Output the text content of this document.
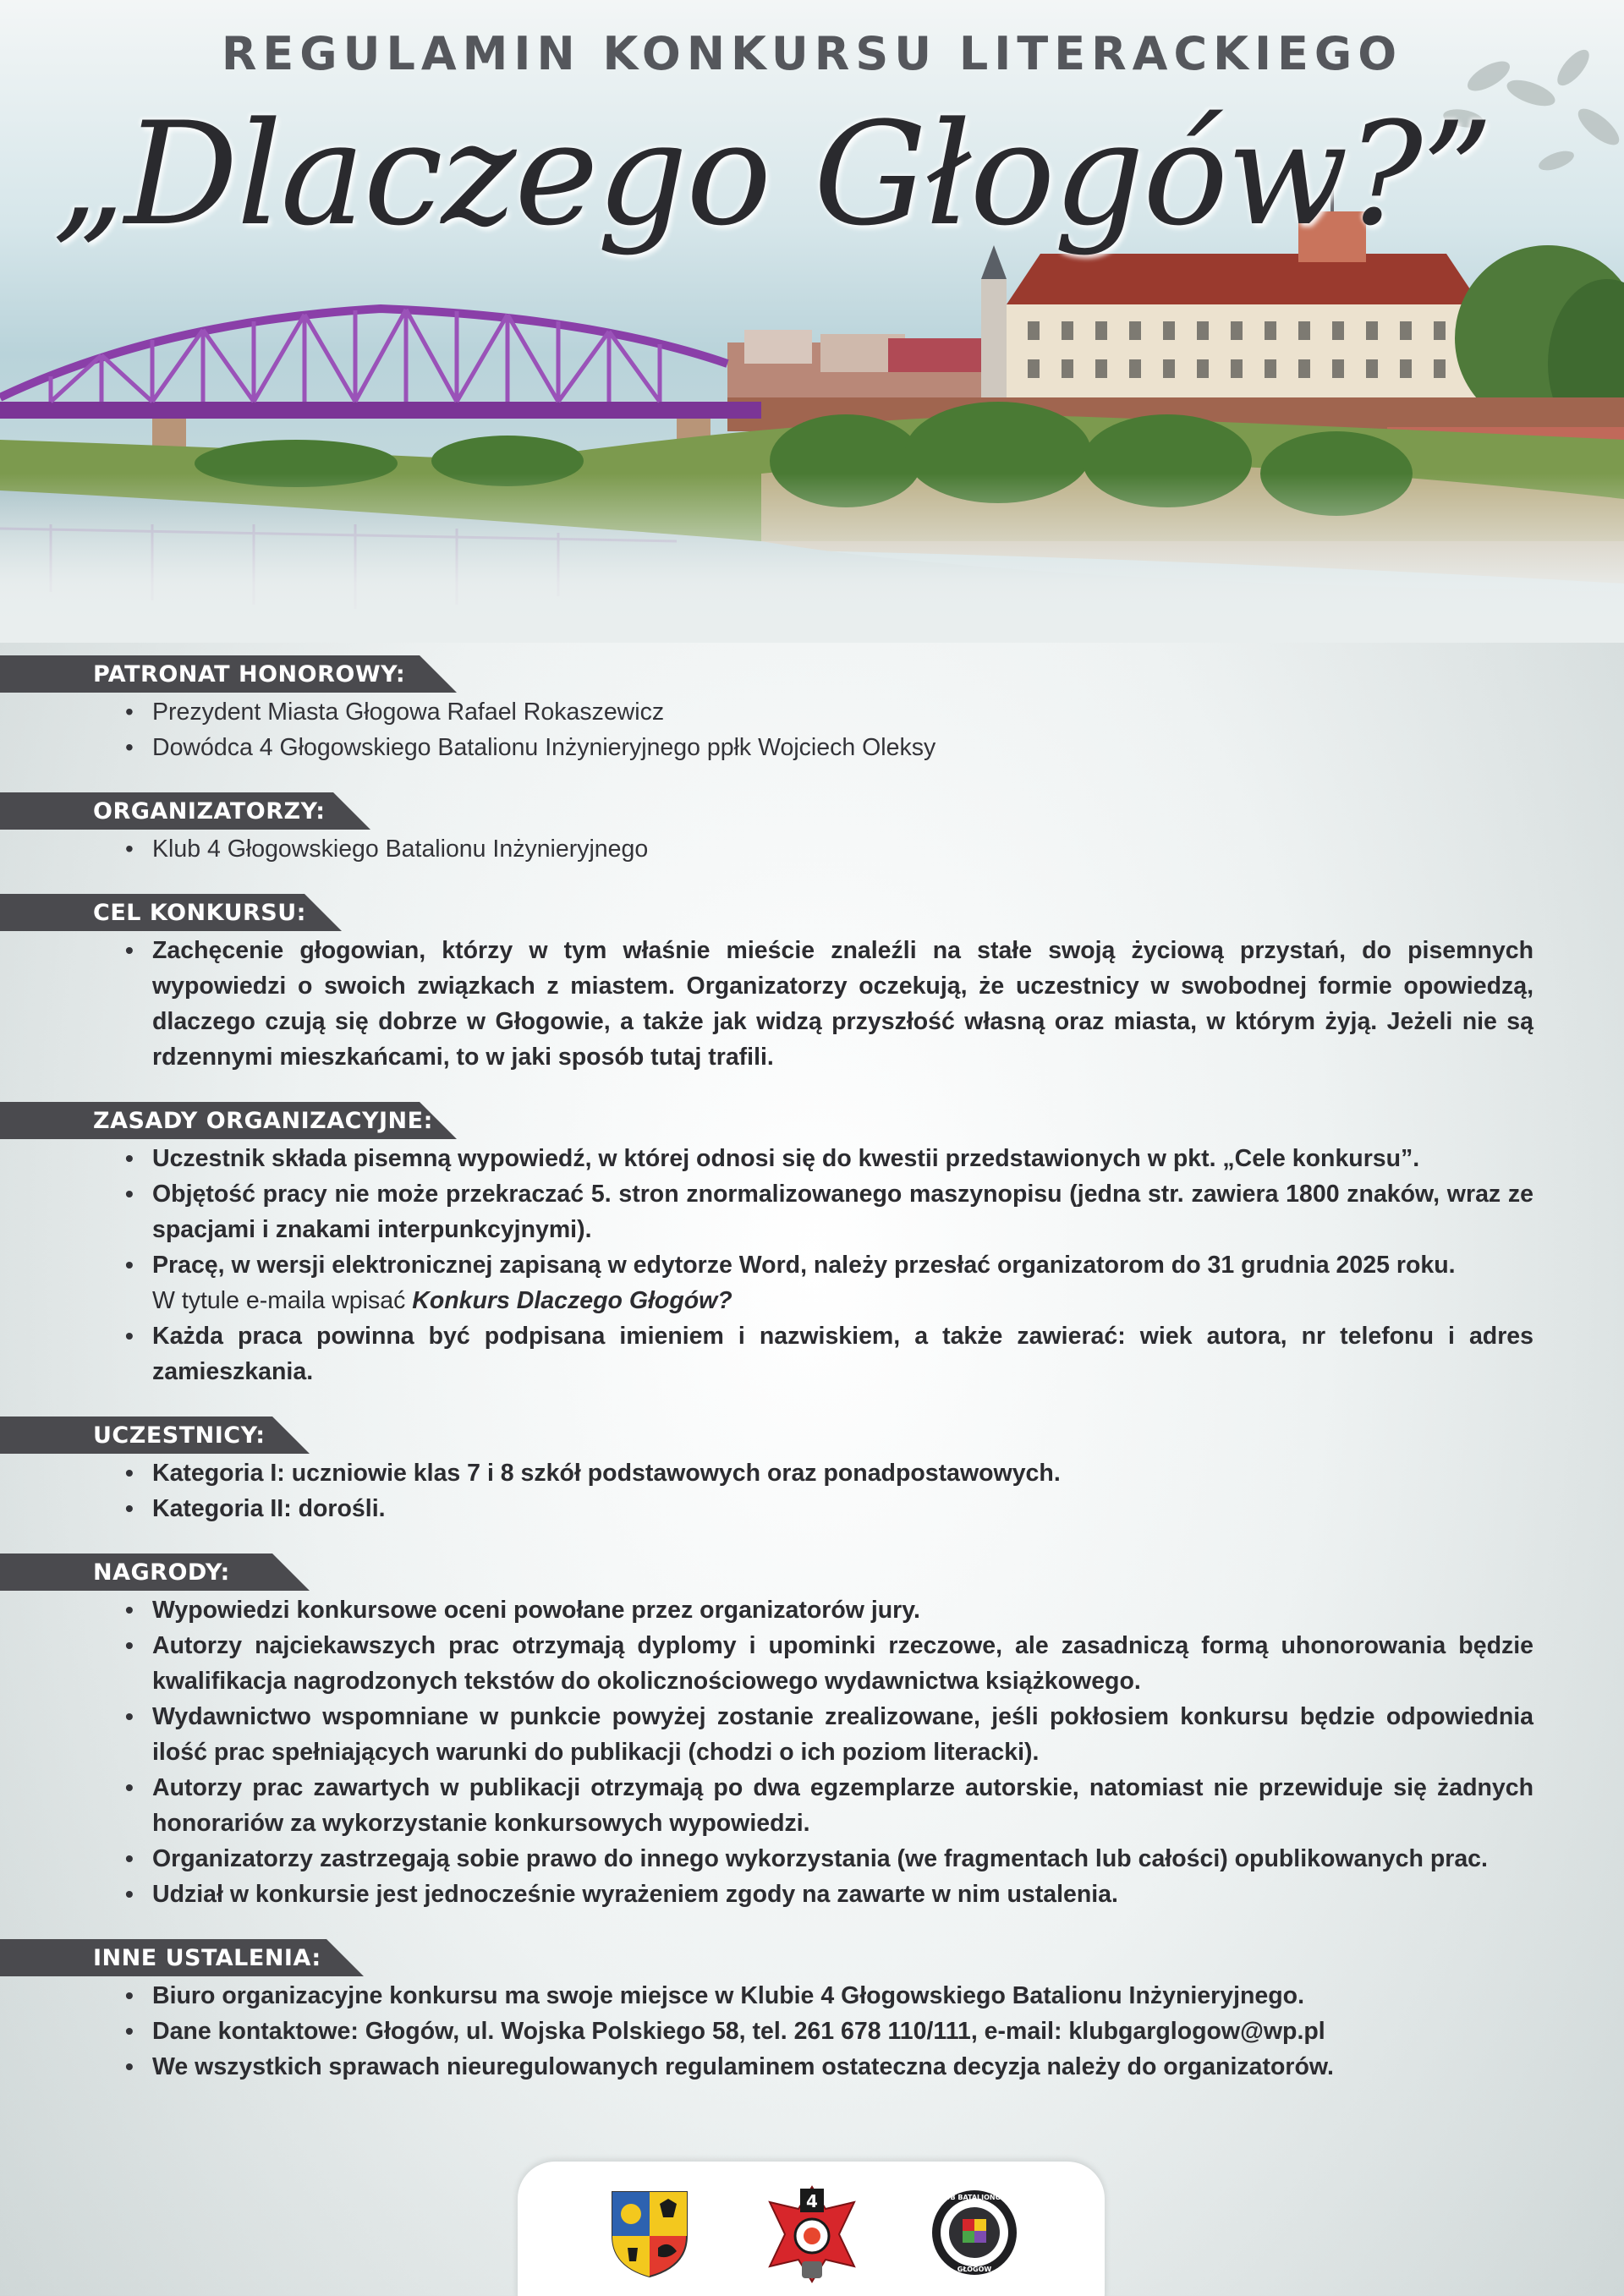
REGULAMIN KONKURSU LITERACKIEGO
„Dlaczego Głogów?”
PATRONAT HONOROWY:
• Prezydent Miasta Głogowa Rafael Rokaszewicz
• Dowódca 4 Głogowskiego Batalionu Inżynieryjnego ppłk Wojciech Oleksy
ORGANIZATORZY:
• Klub 4 Głogowskiego Batalionu Inżynieryjnego
CEL KONKURSU:
• Zachęcenie głogowian, którzy w tym właśnie mieście znaleźli na stałe swoją życiową przystań, do pisemnych wypowiedzi o swoich związkach z miastem. Organizatorzy oczekują, że uczestnicy w swobodnej formie opowiedzą, dlaczego czują się dobrze w Głogowie, a także jak widzą przyszłość własną oraz miasta, w którym żyją. Jeżeli nie są rdzennymi mieszkańcami, to w jaki sposób tutaj trafili.
ZASADY ORGANIZACYJNE:
• Uczestnik składa pisemną wypowiedź, w której odnosi się do kwestii przedstawionych w pkt. „Cele konkursu”.
• Objętość pracy nie może przekraczać 5. stron znormalizowanego maszynopisu (jedna str. zawiera 1800 znaków, wraz ze spacjami i znakami interpunkcyjnymi).
• Pracę, w wersji elektronicznej zapisaną w edytorze Word, należy przesłać organizatorom do 31 grudnia 2025 roku.
W tytule e-maila wpisać Konkurs Dlaczego Głogów?
• Każda praca powinna być podpisana imieniem i nazwiskiem, a także zawierać: wiek autora, nr telefonu i adres zamieszkania.
UCZESTNICY:
• Kategoria I: uczniowie klas 7 i 8 szkół podstawowych oraz ponadpostawowych.
• Kategoria II: dorośli.
NAGRODY:
• Wypowiedzi konkursowe oceni powołane przez organizatorów jury.
• Autorzy najciekawszych prac otrzymają dyplomy i upominki rzeczowe, ale zasadniczą formą uhonorowania będzie kwalifikacja nagrodzonych tekstów do okolicznościowego wydawnictwa książkowego.
• Wydawnictwo wspomniane w punkcie powyżej zostanie zrealizowane, jeśli pokłosiem konkursu będzie odpowiednia ilość prac spełniających warunki do publikacji (chodzi o ich poziom literacki).
• Autorzy prac zawartych w publikacji otrzymają po dwa egzemplarze autorskie, natomiast nie przewiduje się żadnych honorariów za wykorzystanie konkursowych wypowiedzi.
• Organizatorzy zastrzegają sobie prawo do innego wykorzystania (we fragmentach lub całości) opublikowanych prac.
• Udział w konkursie jest jednocześnie wyrażeniem zgody na zawarte w nim ustalenia.
INNE USTALENIA:
• Biuro organizacyjne konkursu ma swoje miejsce w Klubie 4 Głogowskiego Batalionu Inżynieryjnego.
• Dane kontaktowe: Głogów, ul. Wojska Polskiego 58, tel. 261 678 110/111, e-mail: klubgarglogow@wp.pl
• We wszystkich sprawach nieuregulowanych regulaminem ostateczna decyzja należy do organizatorów.
4	KLUB BATALIONOWY
GŁOGÓW
